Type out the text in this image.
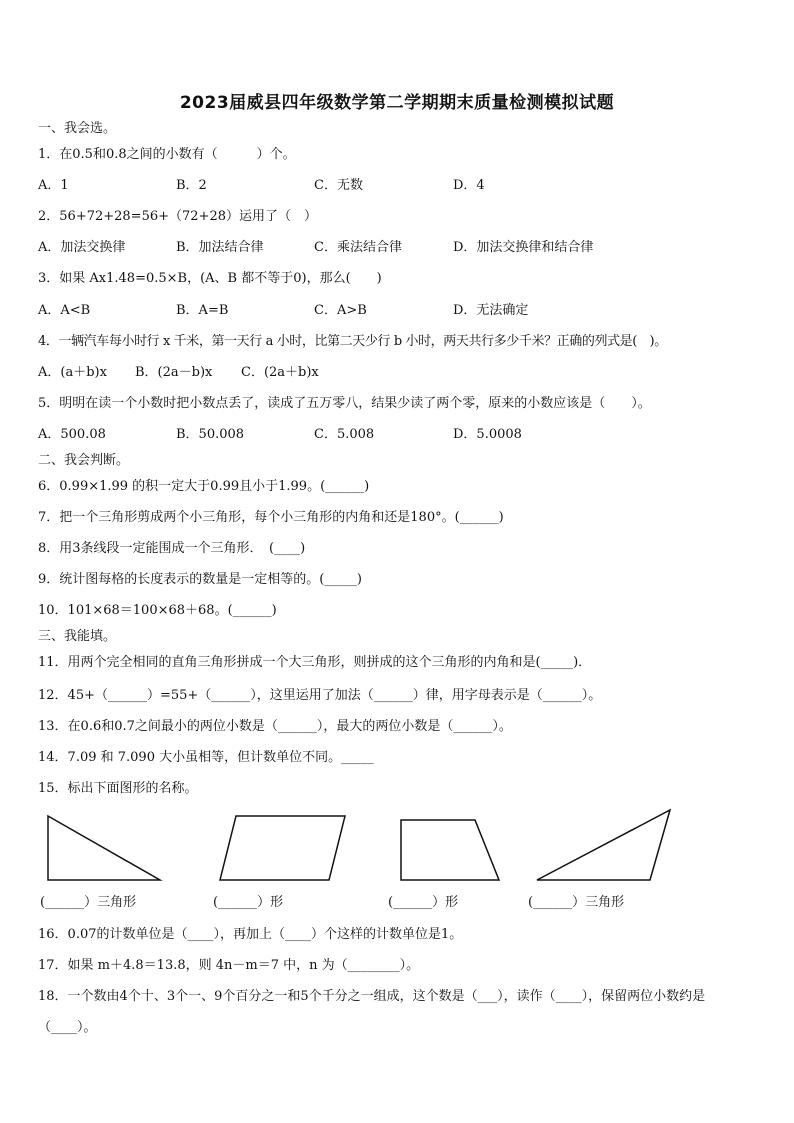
2023届威县四年级数学第二学期期末质量检测模拟试题
一、我会选。
1．在0.5和0.8之间的小数有（　　　）个。
A．1	B．2	C．无数	D．4
2．56+72+28=56+（72+28）运用了（　）
A．加法交换律	B．加法结合律	C．乘法结合律	D．加法交换律和结合律
3．如果 Ax1.48=0.5×B，(A、B 都不等于0)，那么(　　)
A．A<B	B．A=B	C．A>B	D．无法确定
4．一辆汽车每小时行 x 千米，第一天行 a 小时，比第二天少行 b 小时，两天共行多少千米？正确的列式是(　)。
A．(a＋b)x B．(2a－b)x C．(2a＋b)x
5．明明在读一个小数时把小数点丢了，读成了五万零八，结果少读了两个零，原来的小数应该是（　　）。
A．500.08	B．50.008	C．5.008	D．5.0008
二、我会判断。
6．0.99×1.99 的积一定大于0.99且小于1.99。(______)
7．把一个三角形剪成两个小三角形，每个小三角形的内角和还是180°。(______)
8．用3条线段一定能围成一个三角形．　(____)
9．统计图每格的长度表示的数量是一定相等的。(_____)
10．101×68＝100×68＋68。(______)
三、我能填。
11．用两个完全相同的直角三角形拼成一个大三角形，则拼成的这个三角形的内角和是(_____)．
12．45+（______）=55+（______），这里运用了加法（______）律，用字母表示是（______）。
13．在0.6和0.7之间最小的两位小数是（______），最大的两位小数是（______）。
14．7.09 和 7.090 大小虽相等，但计数单位不同。_____
15．标出下面图形的名称。
(______）三角形	(______）形	(______）形	(______）三角形
16．0.07的计数单位是（____），再加上（____）个这样的计数单位是1。
17．如果 m＋4.8＝13.8，则 4n－m＝7 中，n 为（________）。
18．一个数由4个十、3个一、9个百分之一和5个千分之一组成，这个数是（___），读作（____），保留两位小数约是（____）。
